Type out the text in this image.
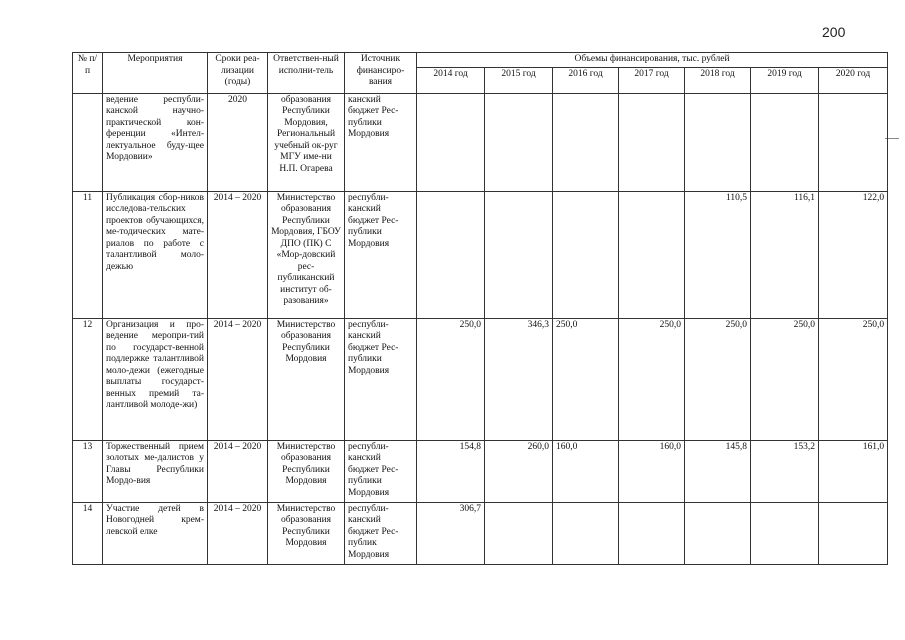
200
№ п/п	Мероприятия	Сроки реа-лизации (годы)	Ответствен-ный исполни-тель	Источник финансиро-вания	Объемы финансирования, тыс. рублей						
					2014 год	2015 год	2016 год	2017 год	2018 год	2019 год	2020 год
	ведение республи-канской научно-практической кон-ференции «Интел-лектуальное буду-щее Мордовии»	2020	образования Республики Мордовия, Региональный учебный ок-руг МГУ име-ни Н.П. Огарева	канский бюджет Рес-публики Мордовия							
11	Публикация сбор-ников исследова-тельских проектов обучающихся, ме-тодических мате-риалов по работе с талантливой моло-дежью	2014 – 2020	Министерство образования Республики Мордовия, ГБОУ ДПО (ПК) С «Мор-довский рес-публиканский институт об-разования»	республи-канский бюджет Рес-публики Мордовия					110,5	116,1	122,0
12	Организация и про-ведение меропри-тий по государст-венной подлержке талантливой моло-дежи (ежегодные выплаты государст-венных премий та-лантливой молоде-жи)	2014 – 2020	Министерство образования Республики Мордовия	республи-канский бюджет Рес-публики Мордовия	250,0	346,3	250,0	250,0	250,0	250,0	250,0
13	Торжественный прием золотых ме-далистов у Главы Республики Мордо-вия	2014 – 2020	Министерство образования Республики Мордовия	республи-канский бюджет Рес-публики Мордовия	154,8	260,0	160,0	160,0	145,8	153,2	161,0
14	Участие детей в Новогодней крем-левской елке	2014 – 2020	Министерство образования Республики Мордовия	республи-канский бюджет Рес-публик Мордовия	306,7						
